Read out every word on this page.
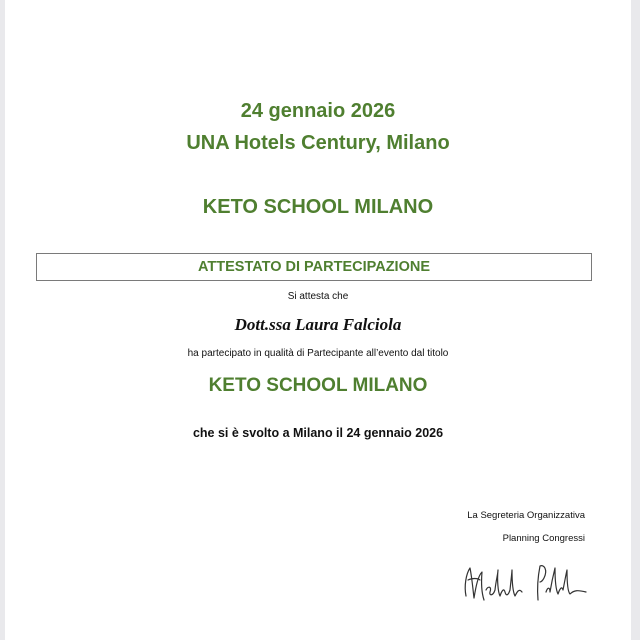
24 gennaio 2026
UNA Hotels Century, Milano
KETO SCHOOL MILANO
ATTESTATO DI PARTECIPAZIONE
Si attesta che
Dott.ssa Laura Falciola
ha partecipato in qualità di Partecipante all’evento dal titolo
KETO SCHOOL MILANO
che si è svolto a Milano il 24 gennaio 2026
La Segreteria Organizzativa
Planning Congressi
